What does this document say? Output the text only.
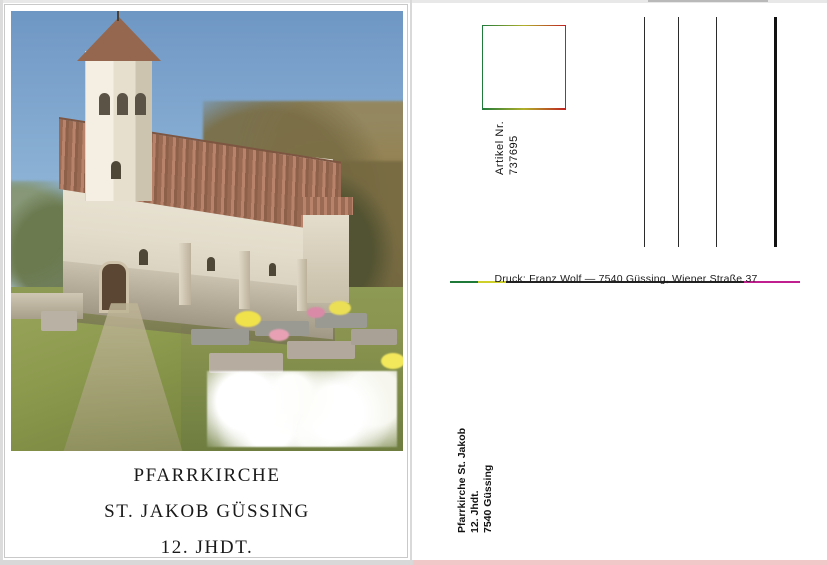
PFARRKIRCHE
ST. JAKOB GÜSSING
12. JHDT.
Artikel Nr. 737695
Druck: Franz Wolf — 7540 Güssing, Wiener Straße 37
Pfarrkirche St. Jakob 12. Jhdt. 7540 Güssing
